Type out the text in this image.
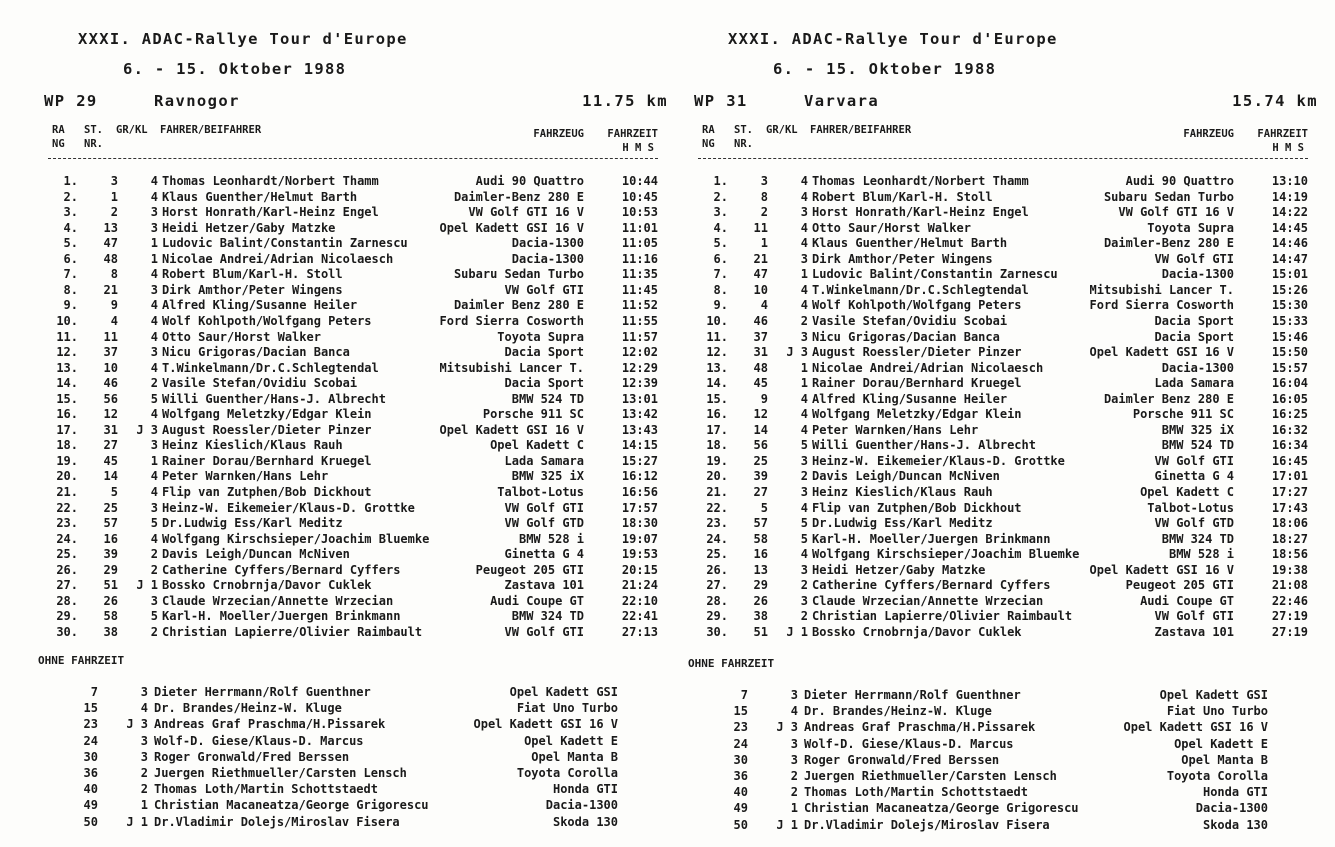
XXXI. ADAC-Rallye Tour d'Europe
6. - 15. Oktober 1988
WP 29	Ravnogor	11.75 km
RA
NG
ST.
NR.
GR/KL FAHRER/BEIFAHRER	FAHRZEUG FAHRZEIT
H M S
1.	3	4 Thomas Leonhardt/Norbert Thamm	Audi 90 Quattro	10:44
2.	1	4 Klaus Guenther/Helmut Barth	Daimler-Benz 280 E	10:45
3.	2	3 Horst Honrath/Karl-Heinz Engel	VW Golf GTI 16 V	10:53
4.	13	3 Heidi Hetzer/Gaby Matzke	Opel Kadett GSI 16 V	11:01
5.	47	1 Ludovic Balint/Constantin Zarnescu	Dacia-1300	11:05
6.	48	1 Nicolae Andrei/Adrian Nicolaesch	Dacia-1300	11:16
7.	8	4 Robert Blum/Karl-H. Stoll	Subaru Sedan Turbo	11:35
8.	21	3 Dirk Amthor/Peter Wingens	VW Golf GTI	11:45
9.	9	4 Alfred Kling/Susanne Heiler	Daimler Benz 280 E	11:52
10.	4	4 Wolf Kohlpoth/Wolfgang Peters	Ford Sierra Cosworth	11:55
11.	11	4 Otto Saur/Horst Walker	Toyota Supra	11:57
12.	37	3 Nicu Grigoras/Dacian Banca	Dacia Sport	12:02
13.	10	4 T.Winkelmann/Dr.C.Schlegtendal	Mitsubishi Lancer T.	12:29
14.	46	2 Vasile Stefan/Ovidiu Scobai	Dacia Sport	12:39
15.	56	5 Willi Guenther/Hans-J. Albrecht	BMW 524 TD	13:01
16.	12	4 Wolfgang Meletzky/Edgar Klein	Porsche 911 SC	13:42
17.	31	J 3 August Roessler/Dieter Pinzer	Opel Kadett GSI 16 V	13:43
18.	27	3 Heinz Kieslich/Klaus Rauh	Opel Kadett C	14:15
19.	45	1 Rainer Dorau/Bernhard Kruegel	Lada Samara	15:27
20.	14	4 Peter Warnken/Hans Lehr	BMW 325 iX	16:12
21.	5	4 Flip van Zutphen/Bob Dickhout	Talbot-Lotus	16:56
22.	25	3 Heinz-W. Eikemeier/Klaus-D. Grottke	VW Golf GTI	17:57
23.	57	5 Dr.Ludwig Ess/Karl Meditz	VW Golf GTD	18:30
24.	16	4 Wolfgang Kirschsieper/Joachim Bluemke	BMW 528 i	19:07
25.	39	2 Davis Leigh/Duncan McNiven	Ginetta G 4	19:53
26.	29	2 Catherine Cyffers/Bernard Cyffers	Peugeot 205 GTI	20:15
27.	51	J 1 Bossko Crnobrnja/Davor Cuklek	Zastava 101	21:24
28.	26	3 Claude Wrzecian/Annette Wrzecian	Audi Coupe GT	22:10
29.	58	5 Karl-H. Moeller/Juergen Brinkmann	BMW 324 TD	22:41
30.	38	2 Christian Lapierre/Olivier Raimbault	VW Golf GTI	27:13
OHNE FAHRZEIT
7	3 Dieter Herrmann/Rolf Guenthner	Opel Kadett GSI
15	4 Dr. Brandes/Heinz-W. Kluge	Fiat Uno Turbo
23	J 3 Andreas Graf Praschma/H.Pissarek	Opel Kadett GSI 16 V
24	3 Wolf-D. Giese/Klaus-D. Marcus	Opel Kadett E
30	3 Roger Gronwald/Fred Berssen	Opel Manta B
36	2 Juergen Riethmueller/Carsten Lensch	Toyota Corolla
40	2 Thomas Loth/Martin Schottstaedt	Honda GTI
49	1 Christian Macaneatza/George Grigorescu	Dacia-1300
50	J 1 Dr.Vladimir Dolejs/Miroslav Fisera	Skoda 130
XXXI. ADAC-Rallye Tour d'Europe
6. - 15. Oktober 1988
WP 31	Varvara	15.74 km
RA
NG
ST.
NR.
GR/KL FAHRER/BEIFAHRER	FAHRZEUG FAHRZEIT
H M S
1.	3	4 Thomas Leonhardt/Norbert Thamm	Audi 90 Quattro	13:10
2.	8	4 Robert Blum/Karl-H. Stoll	Subaru Sedan Turbo	14:19
3.	2	3 Horst Honrath/Karl-Heinz Engel	VW Golf GTI 16 V	14:22
4.	11	4 Otto Saur/Horst Walker	Toyota Supra	14:45
5.	1	4 Klaus Guenther/Helmut Barth	Daimler-Benz 280 E	14:46
6.	21	3 Dirk Amthor/Peter Wingens	VW Golf GTI	14:47
7.	47	1 Ludovic Balint/Constantin Zarnescu	Dacia-1300	15:01
8.	10	4 T.Winkelmann/Dr.C.Schlegtendal	Mitsubishi Lancer T.	15:26
9.	4	4 Wolf Kohlpoth/Wolfgang Peters	Ford Sierra Cosworth	15:30
10.	46	2 Vasile Stefan/Ovidiu Scobai	Dacia Sport	15:33
11.	37	3 Nicu Grigoras/Dacian Banca	Dacia Sport	15:46
12.	31	J 3 August Roessler/Dieter Pinzer	Opel Kadett GSI 16 V	15:50
13.	48	1 Nicolae Andrei/Adrian Nicolaesch	Dacia-1300	15:57
14.	45	1 Rainer Dorau/Bernhard Kruegel	Lada Samara	16:04
15.	9	4 Alfred Kling/Susanne Heiler	Daimler Benz 280 E	16:05
16.	12	4 Wolfgang Meletzky/Edgar Klein	Porsche 911 SC	16:25
17.	14	4 Peter Warnken/Hans Lehr	BMW 325 iX	16:32
18.	56	5 Willi Guenther/Hans-J. Albrecht	BMW 524 TD	16:34
19.	25	3 Heinz-W. Eikemeier/Klaus-D. Grottke	VW Golf GTI	16:45
20.	39	2 Davis Leigh/Duncan McNiven	Ginetta G 4	17:01
21.	27	3 Heinz Kieslich/Klaus Rauh	Opel Kadett C	17:27
22.	5	4 Flip van Zutphen/Bob Dickhout	Talbot-Lotus	17:43
23.	57	5 Dr.Ludwig Ess/Karl Meditz	VW Golf GTD	18:06
24.	58	5 Karl-H. Moeller/Juergen Brinkmann	BMW 324 TD	18:27
25.	16	4 Wolfgang Kirschsieper/Joachim Bluemke	BMW 528 i	18:56
26.	13	3 Heidi Hetzer/Gaby Matzke	Opel Kadett GSI 16 V	19:38
27.	29	2 Catherine Cyffers/Bernard Cyffers	Peugeot 205 GTI	21:08
28.	26	3 Claude Wrzecian/Annette Wrzecian	Audi Coupe GT	22:46
29.	38	2 Christian Lapierre/Olivier Raimbault	VW Golf GTI	27:19
30.	51	J 1 Bossko Crnobrnja/Davor Cuklek	Zastava 101	27:19
OHNE FAHRZEIT
7	3 Dieter Herrmann/Rolf Guenthner	Opel Kadett GSI
15	4 Dr. Brandes/Heinz-W. Kluge	Fiat Uno Turbo
23	J 3 Andreas Graf Praschma/H.Pissarek	Opel Kadett GSI 16 V
24	3 Wolf-D. Giese/Klaus-D. Marcus	Opel Kadett E
30	3 Roger Gronwald/Fred Berssen	Opel Manta B
36	2 Juergen Riethmueller/Carsten Lensch	Toyota Corolla
40	2 Thomas Loth/Martin Schottstaedt	Honda GTI
49	1 Christian Macaneatza/George Grigorescu	Dacia-1300
50	J 1 Dr.Vladimir Dolejs/Miroslav Fisera	Skoda 130
